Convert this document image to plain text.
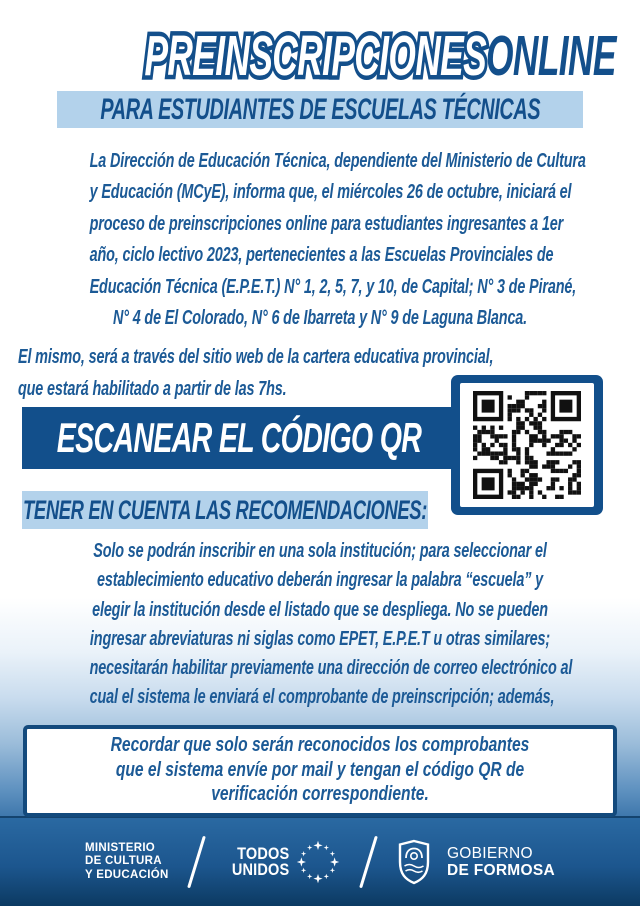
PREINSCRIPCIONES PREINSCRIPCIONESONLINE
PARA ESTUDIANTES DE ESCUELAS TÉCNICAS
La Dirección de Educación Técnica, dependiente del Ministerio de Cultura
y Educación (MCyE), informa que, el miércoles 26 de octubre, iniciará el
proceso de preinscripciones online para estudiantes ingresantes a 1er
año, ciclo lectivo 2023, pertenecientes a las Escuelas Provinciales de
Educación Técnica (E.P.E.T.) N° 1, 2, 5, 7, y 10, de Capital; N° 3 de Pirané,
N° 4 de El Colorado, N° 6 de Ibarreta y N° 9 de Laguna Blanca.
El mismo, será a través del sitio web de la cartera educativa provincial,
que estará habilitado a partir de las 7hs.
ESCANEAR EL CÓDIGO QR
TENER EN CUENTA LAS RECOMENDACIONES:
Solo se podrán inscribir en una sola institución; para seleccionar el
establecimiento educativo deberán ingresar la palabra “escuela” y
elegir la institución desde el listado que se despliega. No se pueden
ingresar abreviaturas ni siglas como EPET, E.P.E.T u otras similares;
necesitarán habilitar previamente una dirección de correo electrónico al
cual el sistema le enviará el comprobante de preinscripción; además,
Recordar que solo serán reconocidos los comprobantes
que el sistema envíe por mail y tengan el código QR de
verificación correspondiente.
MINISTERIO
DE CULTURA
Y EDUCACIÓN
TODOS
UNIDOS
GOBIERNO
DE FORMOSA
